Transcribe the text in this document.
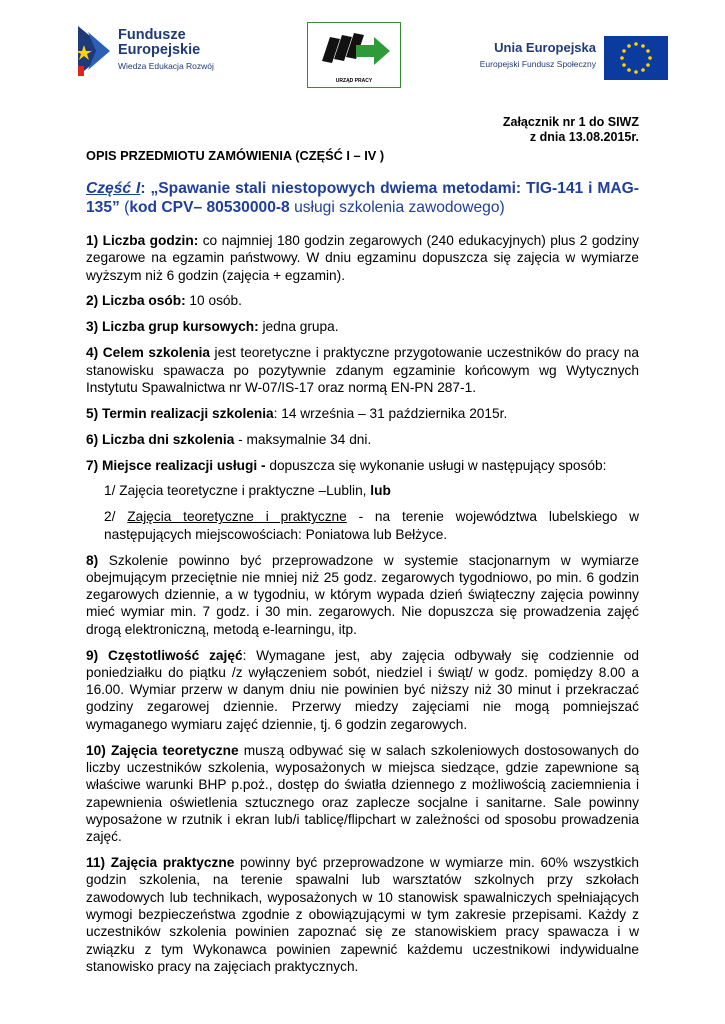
Fundusze
Europejskie
Wiedza Edukacja Rozwój
URZĄD PRACY
Unia Europejska
Europejski Fundusz Społeczny
Załącznik nr 1 do SIWZ
z dnia 13.08.2015r.
OPIS PRZEDMIOTU ZAMÓWIENIA (CZĘŚĆ I – IV )
Część I: „Spawanie stali niestopowych dwiema metodami: TIG-141 i MAG-135” (kod CPV– 80530000-8 usługi szkolenia zawodowego)

1) Liczba godzin: co najmniej 180 godzin zegarowych (240 edukacyjnych) plus 2 godziny zegarowe na egzamin państwowy. W dniu egzaminu dopuszcza się zajęcia w wymiarze wyższym niż 6 godzin (zajęcia + egzamin).

2) Liczba osób: 10 osób.

3) Liczba grup kursowych: jedna grupa.

4) Celem szkolenia jest teoretyczne i praktyczne przygotowanie uczestników do pracy na stanowisku spawacza po pozytywnie zdanym egzaminie końcowym wg Wytycznych Instytutu Spawalnictwa nr W-07/IS-17 oraz normą EN-PN 287-1.

5) Termin realizacji szkolenia: 14 września – 31 października 2015r.

6) Liczba dni szkolenia - maksymalnie 34 dni.

7) Miejsce realizacji usługi - dopuszcza się wykonanie usługi w następujący sposób:

1/ Zajęcia teoretyczne i praktyczne –Lublin, lub

2/ Zajęcia teoretyczne i praktyczne - na terenie województwa lubelskiego w następujących miejscowościach: Poniatowa lub Bełżyce.

8) Szkolenie powinno być przeprowadzone w systemie stacjonarnym w wymiarze obejmującym przeciętnie nie mniej niż 25 godz. zegarowych tygodniowo, po min. 6 godzin zegarowych dziennie, a w tygodniu, w którym wypada dzień świąteczny zajęcia powinny mieć wymiar min. 7 godz. i 30 min. zegarowych. Nie dopuszcza się prowadzenia zajęć drogą elektroniczną, metodą e-learningu, itp.

9) Częstotliwość zajęć: Wymagane jest, aby zajęcia odbywały się codziennie od poniedziałku do piątku /z wyłączeniem sobót, niedziel i świąt/ w godz. pomiędzy 8.00 a 16.00. Wymiar przerw w danym dniu nie powinien być niższy niż 30 minut i przekraczać godziny zegarowej dziennie. Przerwy miedzy zajęciami nie mogą pomniejszać wymaganego wymiaru zajęć dziennie, tj. 6 godzin zegarowych.

10) Zajęcia teoretyczne muszą odbywać się w salach szkoleniowych dostosowanych do liczby uczestników szkolenia, wyposażonych w miejsca siedzące, gdzie zapewnione są właściwe warunki BHP p.poż., dostęp do światła dziennego z możliwością zaciemnienia i zapewnienia oświetlenia sztucznego oraz zaplecze socjalne i sanitarne. Sale powinny wyposażone w rzutnik i ekran lub/i tablicę/flipchart w zależności od sposobu prowadzenia zajęć.

11) Zajęcia praktyczne powinny być przeprowadzone w wymiarze min. 60% wszystkich godzin szkolenia, na terenie spawalni lub warsztatów szkolnych przy szkołach zawodowych lub technikach, wyposażonych w 10 stanowisk spawalniczych spełniających wymogi bezpieczeństwa zgodnie z obowiązującymi w tym zakresie przepisami. Każdy z uczestników szkolenia powinien zapoznać się ze stanowiskiem pracy spawacza i w związku z tym Wykonawca powinien zapewnić każdemu uczestnikowi indywidualne stanowisko pracy na zajęciach praktycznych.
